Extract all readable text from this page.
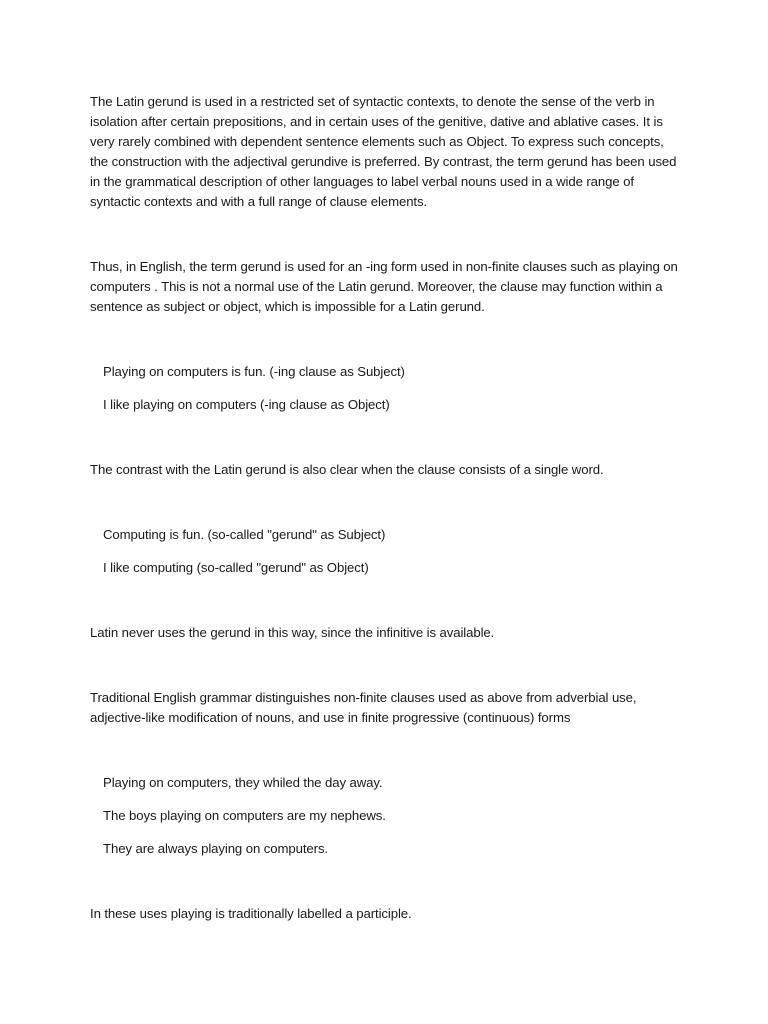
The Latin gerund is used in a restricted set of syntactic contexts, to denote the sense of the verb in isolation after certain prepositions, and in certain uses of the genitive, dative and ablative cases. It is very rarely combined with dependent sentence elements such as Object. To express such concepts, the construction with the adjectival gerundive is preferred. By contrast, the term gerund has been used in the grammatical description of other languages to label verbal nouns used in a wide range of syntactic contexts and with a full range of clause elements.

Thus, in English, the term gerund is used for an -ing form used in non-finite clauses such as playing on computers . This is not a normal use of the Latin gerund. Moreover, the clause may function within a sentence as subject or object, which is impossible for a Latin gerund.

Playing on computers is fun. (-ing clause as Subject)

I like playing on computers (-ing clause as Object)

The contrast with the Latin gerund is also clear when the clause consists of a single word.

Computing is fun. (so-called "gerund" as Subject)

I like computing (so-called "gerund" as Object)

Latin never uses the gerund in this way, since the infinitive is available.

Traditional English grammar distinguishes non-finite clauses used as above from adverbial use, adjective-like modification of nouns, and use in finite progressive (continuous) forms

Playing on computers, they whiled the day away.

The boys playing on computers are my nephews.

They are always playing on computers.

In these uses playing is traditionally labelled a participle.
